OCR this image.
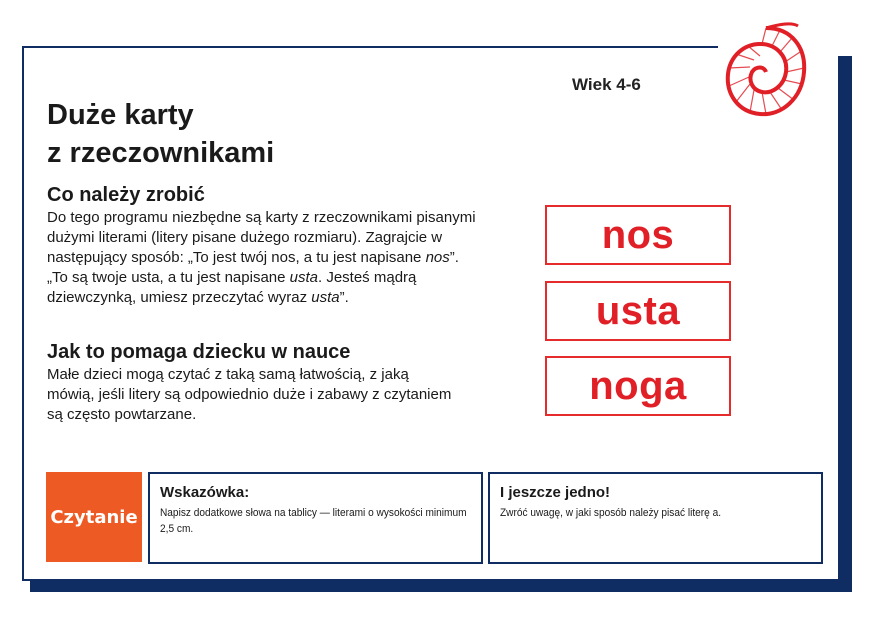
Wiek 4-6
Duże karty
z rzeczownikami
Co należy zrobić

Do tego programu niezbędne są karty z rzeczownikami pisanymi dużymi literami (litery pisane dużego rozmiaru). Zagrajcie w następujący sposób: „To jest twój nos, a tu jest napisane nos”. „To są twoje usta, a tu jest napisane usta. Jesteś mądrą dziewczynką, umiesz przeczytać wyraz usta”.

Jak to pomaga dziecku w nauce

Małe dzieci mogą czytać z taką samą łatwością, z jaką mówią, jeśli litery są odpowiednio duże i zabawy z czytaniem są często powtarzane.

nos
usta
noga
Czytanie

Wskazówka:

Napisz dodatkowe słowa na tablicy — literami o wysokości minimum 2,5 cm.

I jeszcze jedno!

Zwróć uwagę, w jaki sposób należy pisać literę a.
